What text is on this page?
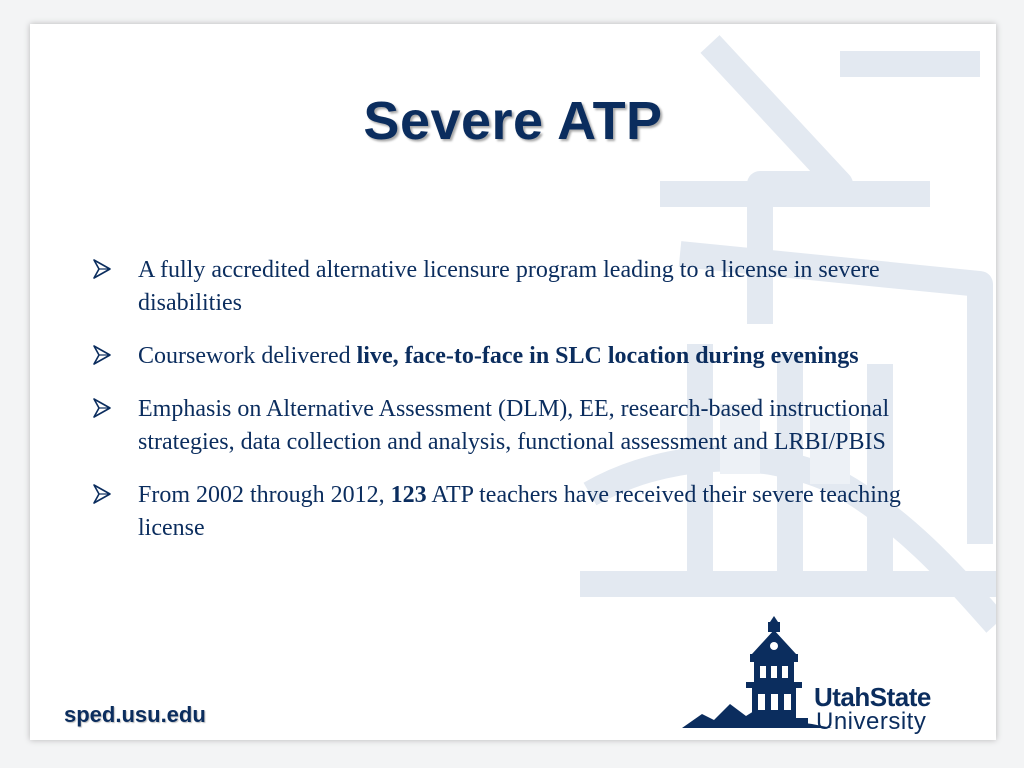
Severe ATP
A fully accredited alternative licensure program leading to a license in severe disabilities
Coursework delivered live, face-to-face in SLC location during evenings
Emphasis on Alternative Assessment (DLM), EE, research-based instructional strategies, data collection and analysis, functional assessment and LRBI/PBIS
From 2002 through 2012, 123 ATP teachers have received their severe teaching license
sped.usu.edu
UtahState
University
